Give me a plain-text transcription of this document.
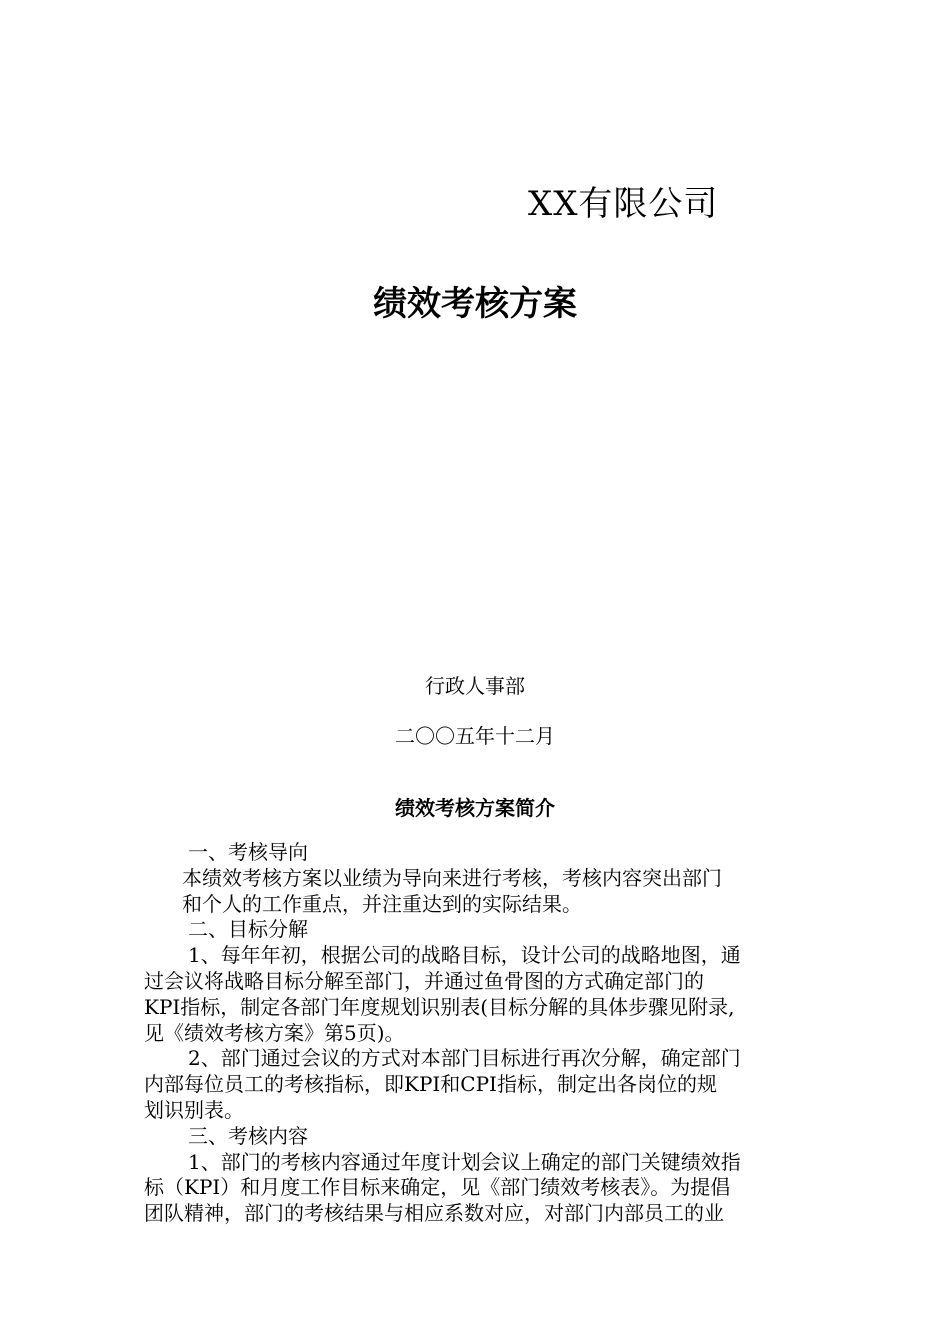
XX有限公司
绩效考核方案
行政人事部
二〇〇五年十二月
绩效考核方案简介
一、考核导向
本绩效考核方案以业绩为导向来进行考核，考核内容突出部门
和个人的工作重点，并注重达到的实际结果。
二、目标分解
1、每年年初，根据公司的战略目标，设计公司的战略地图，通
过会议将战略目标分解至部门，并通过鱼骨图的方式确定部门的
KPI指标，制定各部门年度规划识别表(目标分解的具体步骤见附录,
见《绩效考核方案》第5页)。
2、部门通过会议的方式对本部门目标进行再次分解，确定部门
内部每位员工的考核指标，即KPI和CPI指标，制定出各岗位的规
划识别表。
三、考核内容
1、部门的考核内容通过年度计划会议上确定的部门关键绩效指
标（KPI）和月度工作目标来确定，见《部门绩效考核表》。为提倡
团队精神，部门的考核结果与相应系数对应，对部门内部员工的业
